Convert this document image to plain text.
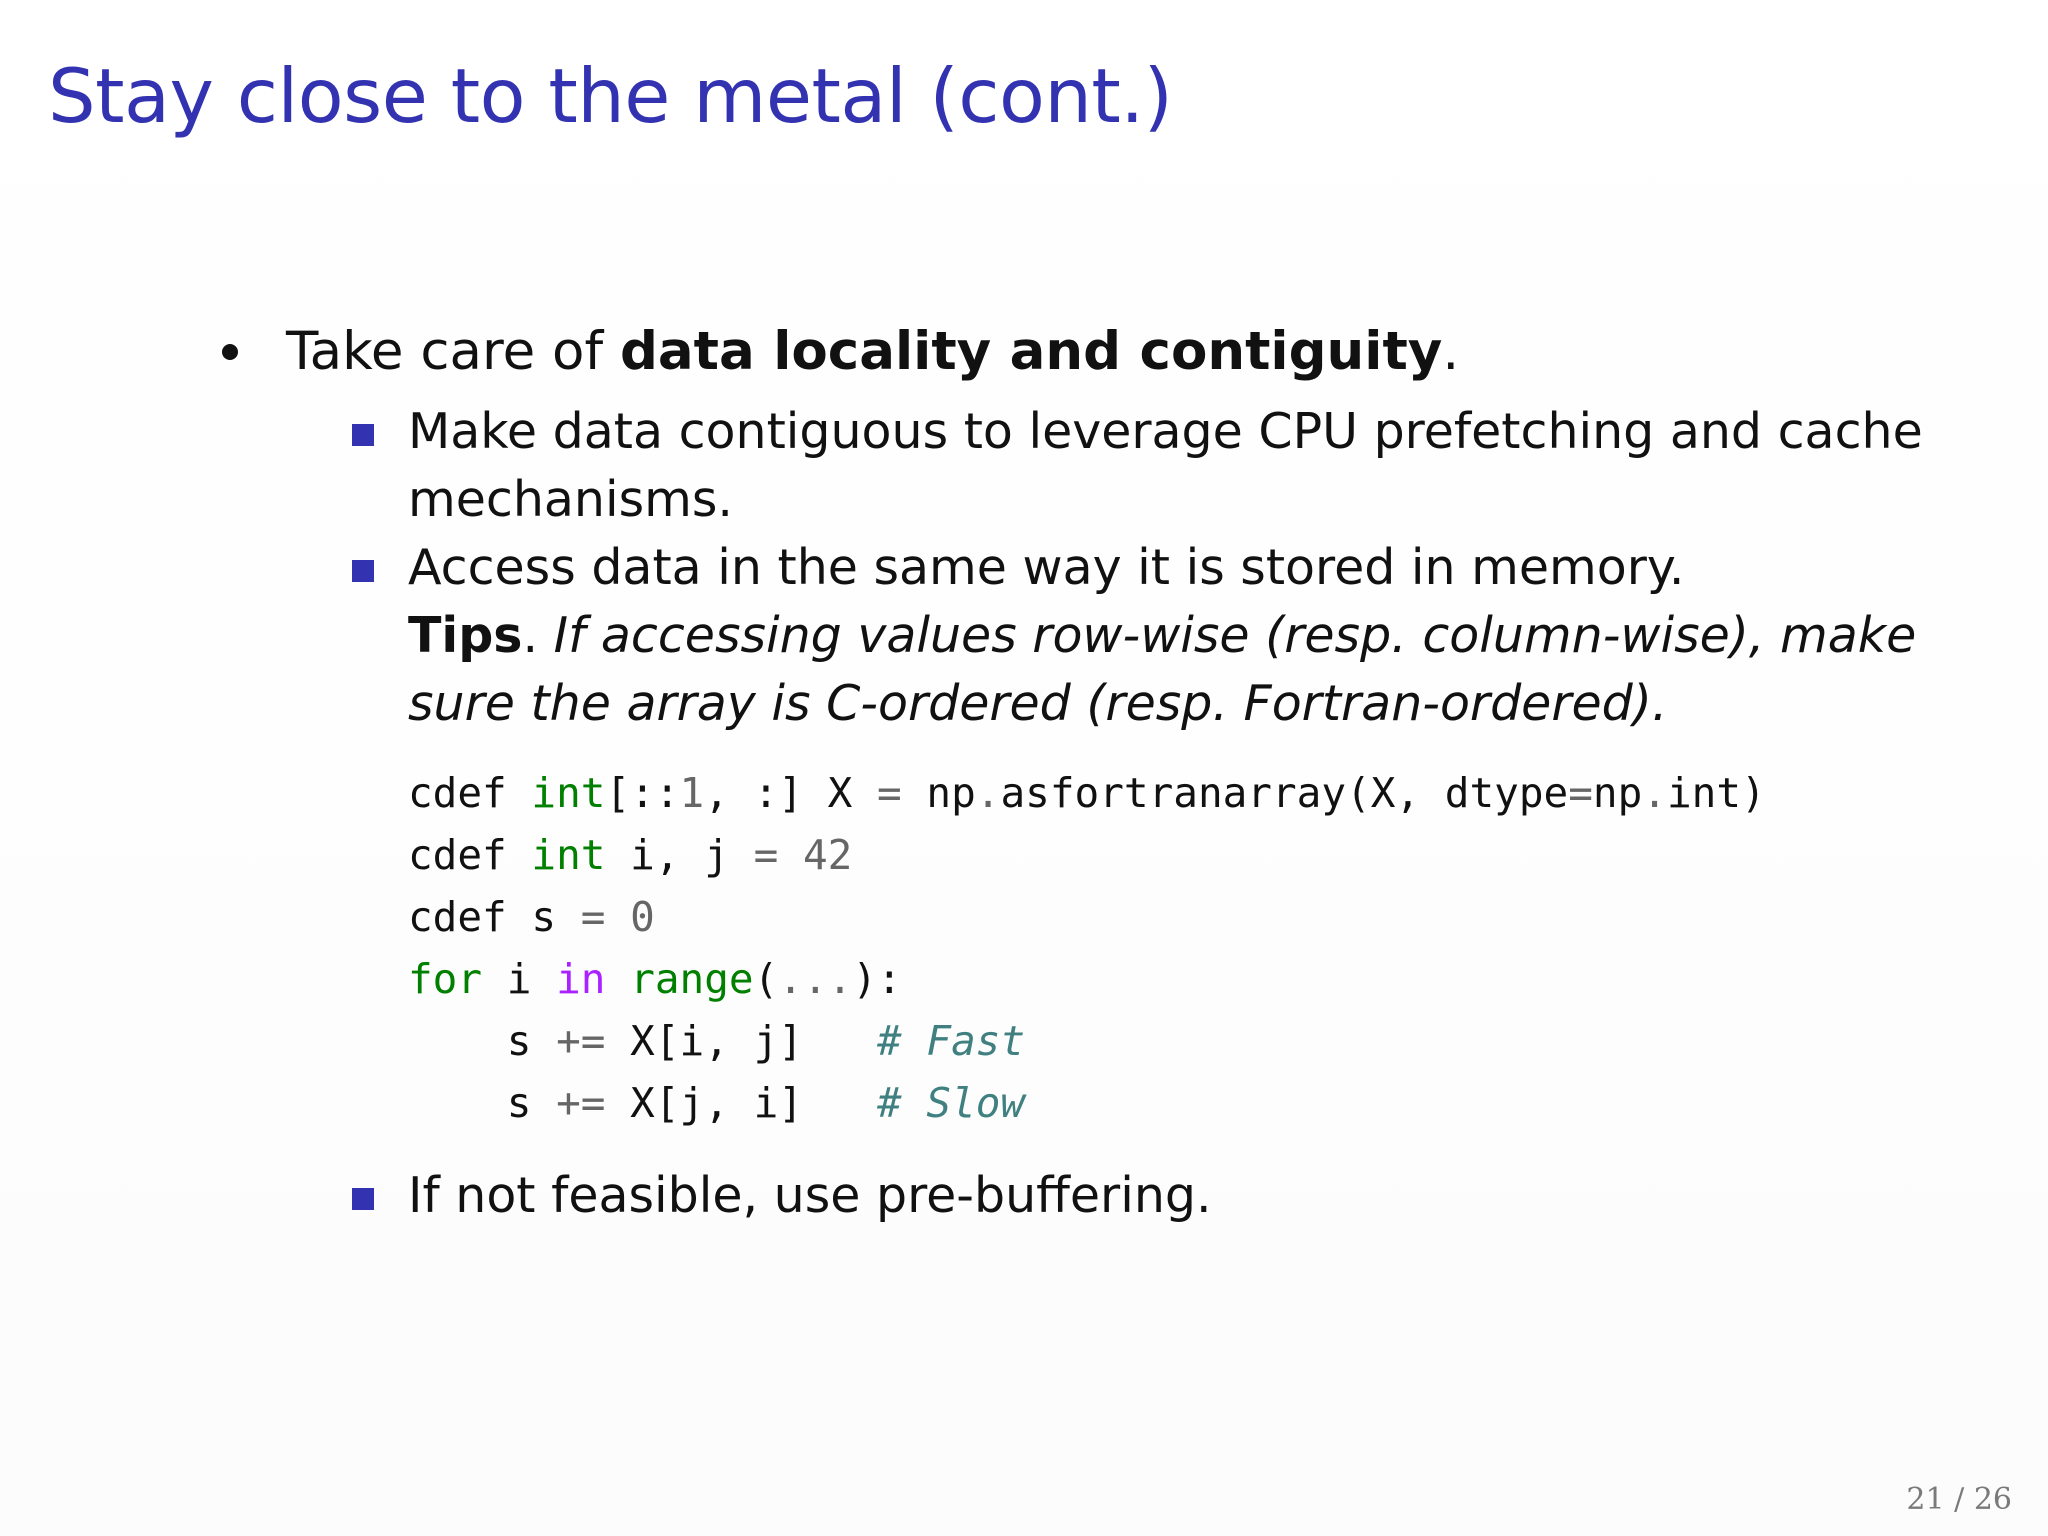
Stay close to the metal (cont.)
Take care of data locality and contiguity.
Make data contiguous to leverage CPU prefetching and cache
mechanisms.
Access data in the same way it is stored in memory.
Tips. If accessing values row-wise (resp. column-wise), make
sure the array is C-ordered (resp. Fortran-ordered).
cdef int[::1, :] X = np.asfortranarray(X, dtype=np.int)
cdef int i, j = 42
cdef s = 0
for i in range(...):
s += X[i, j]   # Fast
s += X[j, i]   # Slow
If not feasible, use pre-buffering.
21 / 26
